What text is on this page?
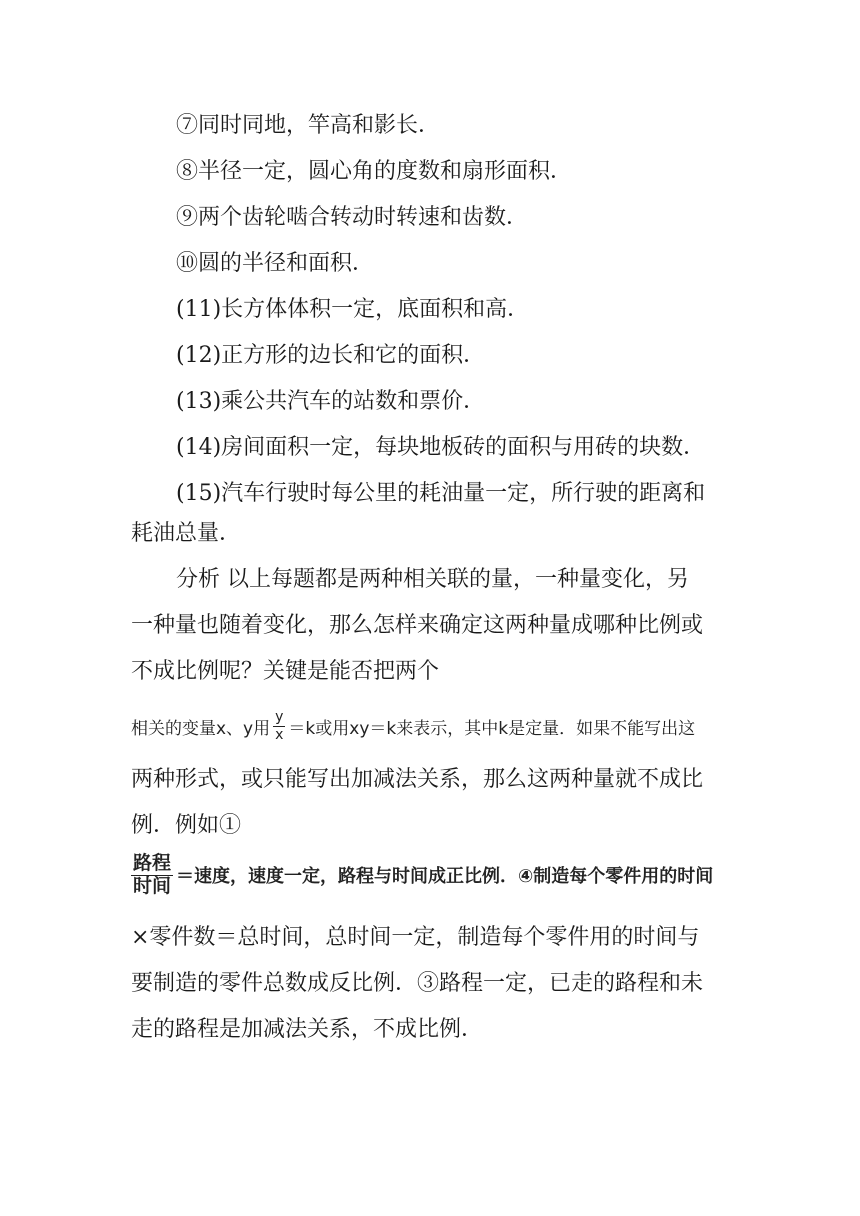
⑦同时同地，竿高和影长．
⑧半径一定，圆心角的度数和扇形面积．
⑨两个齿轮啮合转动时转速和齿数．
⑩圆的半径和面积．
(11)长方体体积一定，底面积和高．
(12)正方形的边长和它的面积．
(13)乘公共汽车的站数和票价．
(14)房间面积一定，每块地板砖的面积与用砖的块数．
(15)汽车行驶时每公里的耗油量一定，所行驶的距离和
耗油总量．
分析 以上每题都是两种相关联的量，一种量变化，另
一种量也随着变化，那么怎样来确定这两种量成哪种比例或
不成比例呢？关键是能否把两个
相关的变量x、y用 $\frac{y}{x} =k$或用xy＝k来表示，其中k是定量．如果不能写出这
两种形式，或只能写出加减法关系，那么这两种量就不成比
例．例如①
$\frac{\text{路程}}{\text{时间}}$ ＝速度，速度一定，路程与时间成正比例．④制造每个零件用的时间
×零件数＝总时间，总时间一定，制造每个零件用的时间与
要制造的零件总数成反比例．③路程一定，已走的路程和未
走的路程是加减法关系，不成比例．
